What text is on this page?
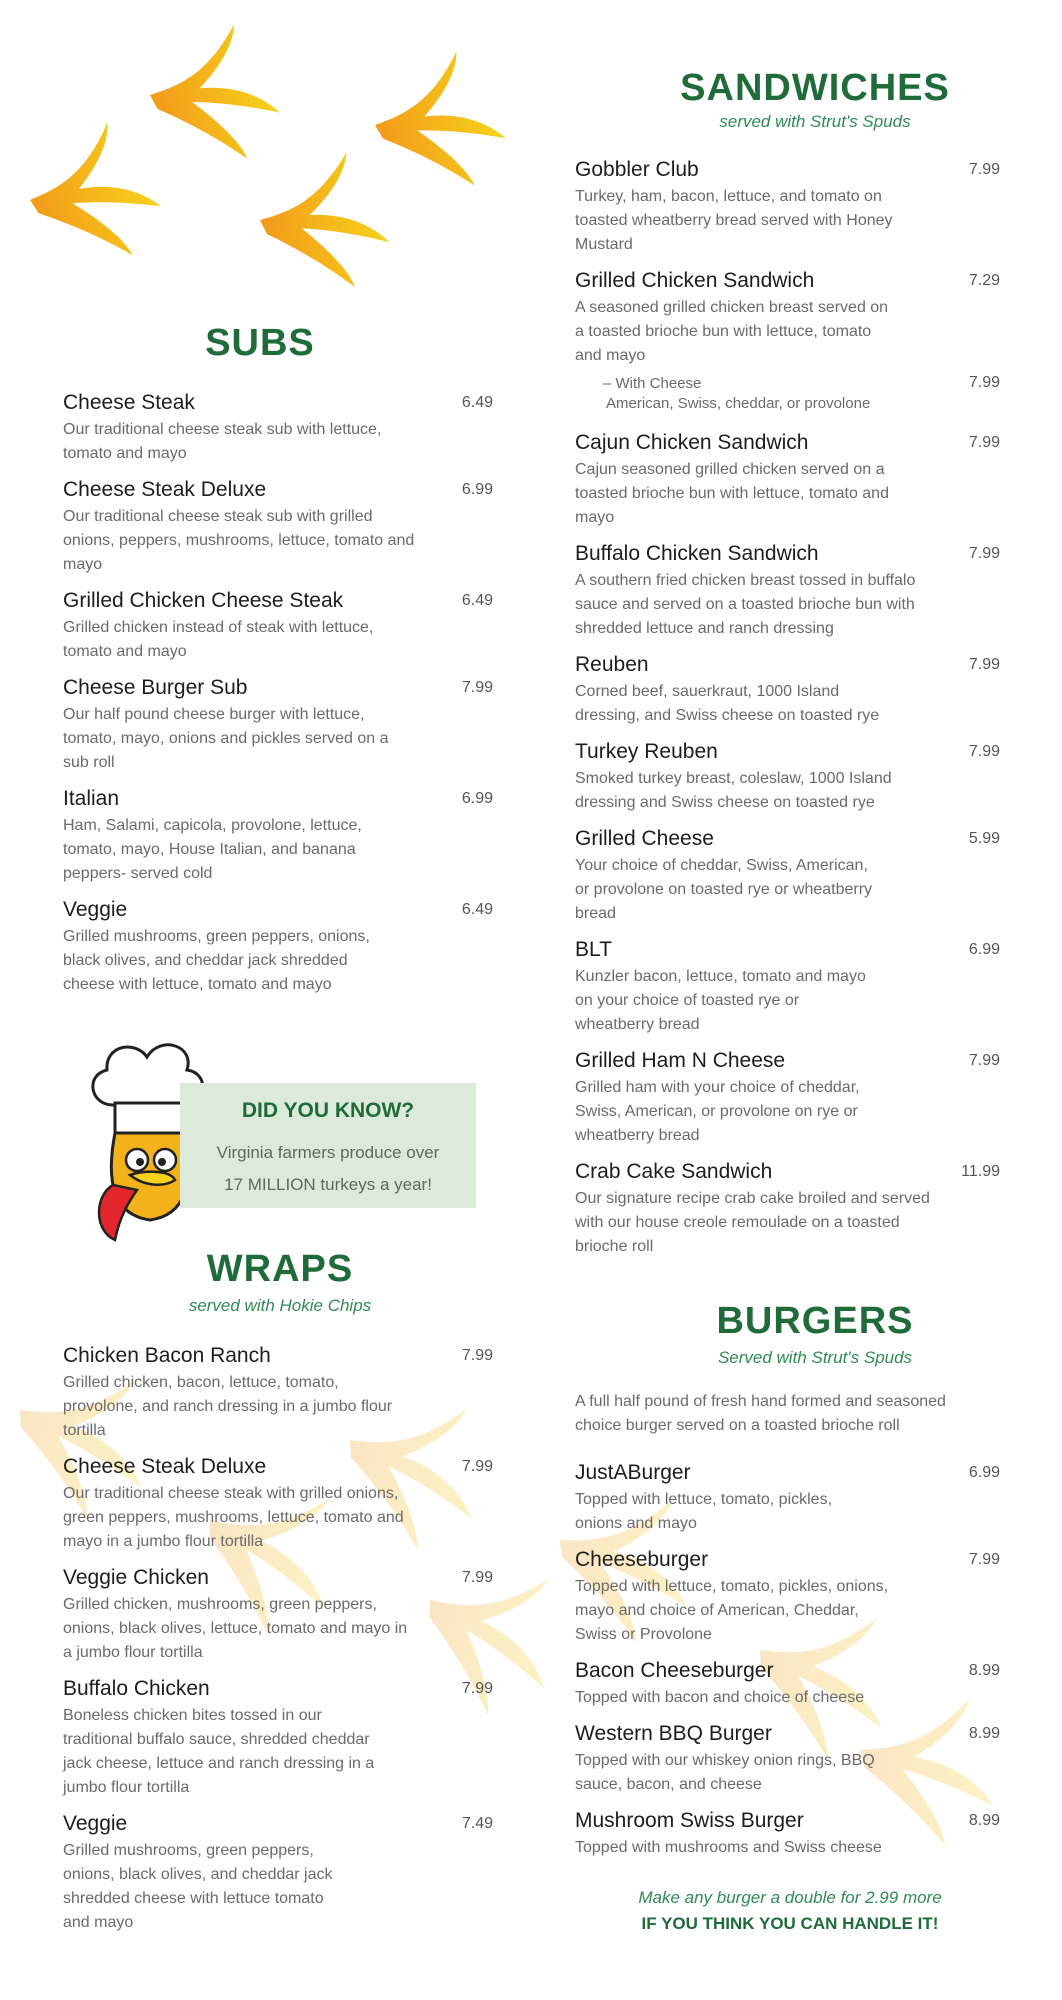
SUBS
Cheese Steak	6.49
Our traditional cheese steak sub with lettuce, tomato and mayo
Cheese Steak Deluxe	6.99
Our traditional cheese steak sub with grilled onions, peppers, mushrooms, lettuce, tomato and mayo
Grilled Chicken Cheese Steak	6.49
Grilled chicken instead of steak with lettuce, tomato and mayo
Cheese Burger Sub	7.99
Our half pound cheese burger with lettuce, tomato, mayo, onions and pickles served on a sub roll
Italian	6.99
Ham, Salami, capicola, provolone, lettuce, tomato, mayo, House Italian, and banana peppers- served cold
Veggie	6.49
Grilled mushrooms, green peppers, onions, black olives, and cheddar jack shredded cheese with lettuce, tomato and mayo
DID YOU KNOW?
Virginia farmers produce over
17 MILLION turkeys a year!
WRAPS
served with Hokie Chips
Chicken Bacon Ranch	7.99
Grilled chicken, bacon, lettuce, tomato, provolone, and ranch dressing in a jumbo flour tortilla
Cheese Steak Deluxe	7.99
Our traditional cheese steak with grilled onions, green peppers, mushrooms, lettuce, tomato and mayo in a jumbo flour tortilla
Veggie Chicken	7.99
Grilled chicken, mushrooms, green peppers, onions, black olives, lettuce, tomato and mayo in a jumbo flour tortilla
Buffalo Chicken	7.99
Boneless chicken bites tossed in our traditional buffalo sauce, shredded cheddar jack cheese, lettuce and ranch dressing in a jumbo flour tortilla
Veggie	7.49
Grilled mushrooms, green peppers, onions, black olives, and cheddar jack shredded cheese with lettuce tomato and mayo
SANDWICHES
served with Strut's Spuds
Gobbler Club	7.99
Turkey, ham, bacon, lettuce, and tomato on toasted wheatberry bread served with Honey Mustard
Grilled Chicken Sandwich	7.29
A seasoned grilled chicken breast served on a toasted brioche bun with lettuce, tomato and mayo
– With Cheese	7.99
American, Swiss, cheddar, or provolone
Cajun Chicken Sandwich	7.99
Cajun seasoned grilled chicken served on a toasted brioche bun with lettuce, tomato and mayo
Buffalo Chicken Sandwich	7.99
A southern fried chicken breast tossed in buffalo sauce and served on a toasted brioche bun with shredded lettuce and ranch dressing
Reuben	7.99
Corned beef, sauerkraut, 1000 Island dressing, and Swiss cheese on toasted rye
Turkey Reuben	7.99
Smoked turkey breast, coleslaw, 1000 Island dressing and Swiss cheese on toasted rye
Grilled Cheese	5.99
Your choice of cheddar, Swiss, American, or provolone on toasted rye or wheatberry bread
BLT	6.99
Kunzler bacon, lettuce, tomato and mayo on your choice of toasted rye or wheatberry bread
Grilled Ham N Cheese	7.99
Grilled ham with your choice of cheddar, Swiss, American, or provolone on rye or wheatberry bread
Crab Cake Sandwich	11.99
Our signature recipe crab cake broiled and served with our house creole remoulade on a toasted brioche roll
BURGERS
Served with Strut's Spuds
A full half pound of fresh hand formed and seasoned choice burger served on a toasted brioche roll
JustABurger	6.99
Topped with lettuce, tomato, pickles, onions and mayo
Cheeseburger	7.99
Topped with lettuce, tomato, pickles, onions, mayo and choice of American, Cheddar, Swiss or Provolone
Bacon Cheeseburger	8.99
Topped with bacon and choice of cheese
Western BBQ Burger	8.99
Topped with our whiskey onion rings, BBQ sauce, bacon, and cheese
Mushroom Swiss Burger	8.99
Topped with mushrooms and Swiss cheese
Make any burger a double for 2.99 more
IF YOU THINK YOU CAN HANDLE IT!
